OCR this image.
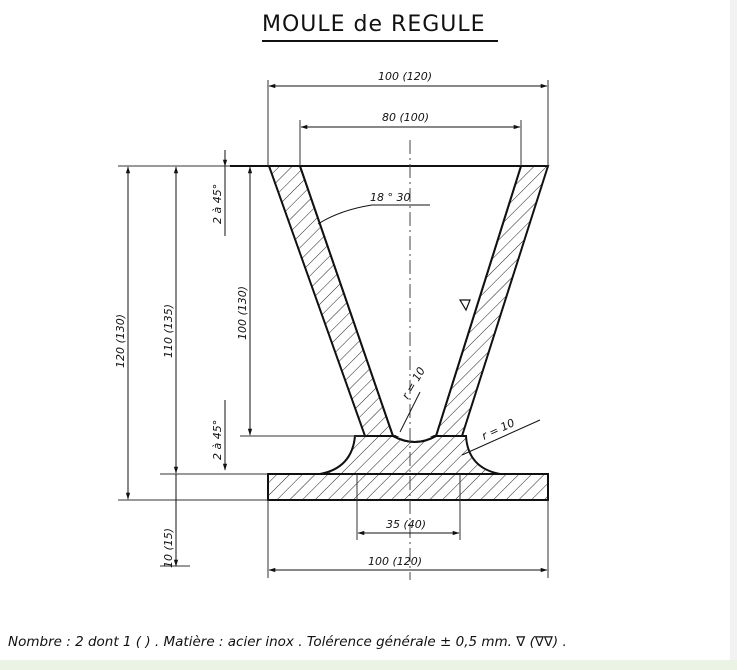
MOULE de REGULE
100 (120)
80 (100)
100 (120)
35 (40)
18 ° 30
120 (130)	110 (135)	100 (130)
10 (15)
2 à 45°
2 à 45°
r = 10
r = 10
Nombre : 2 dont 1 ( ) . Matière : acier inox . Tolérence générale ± 0,5 mm. ∇ (∇∇) .
